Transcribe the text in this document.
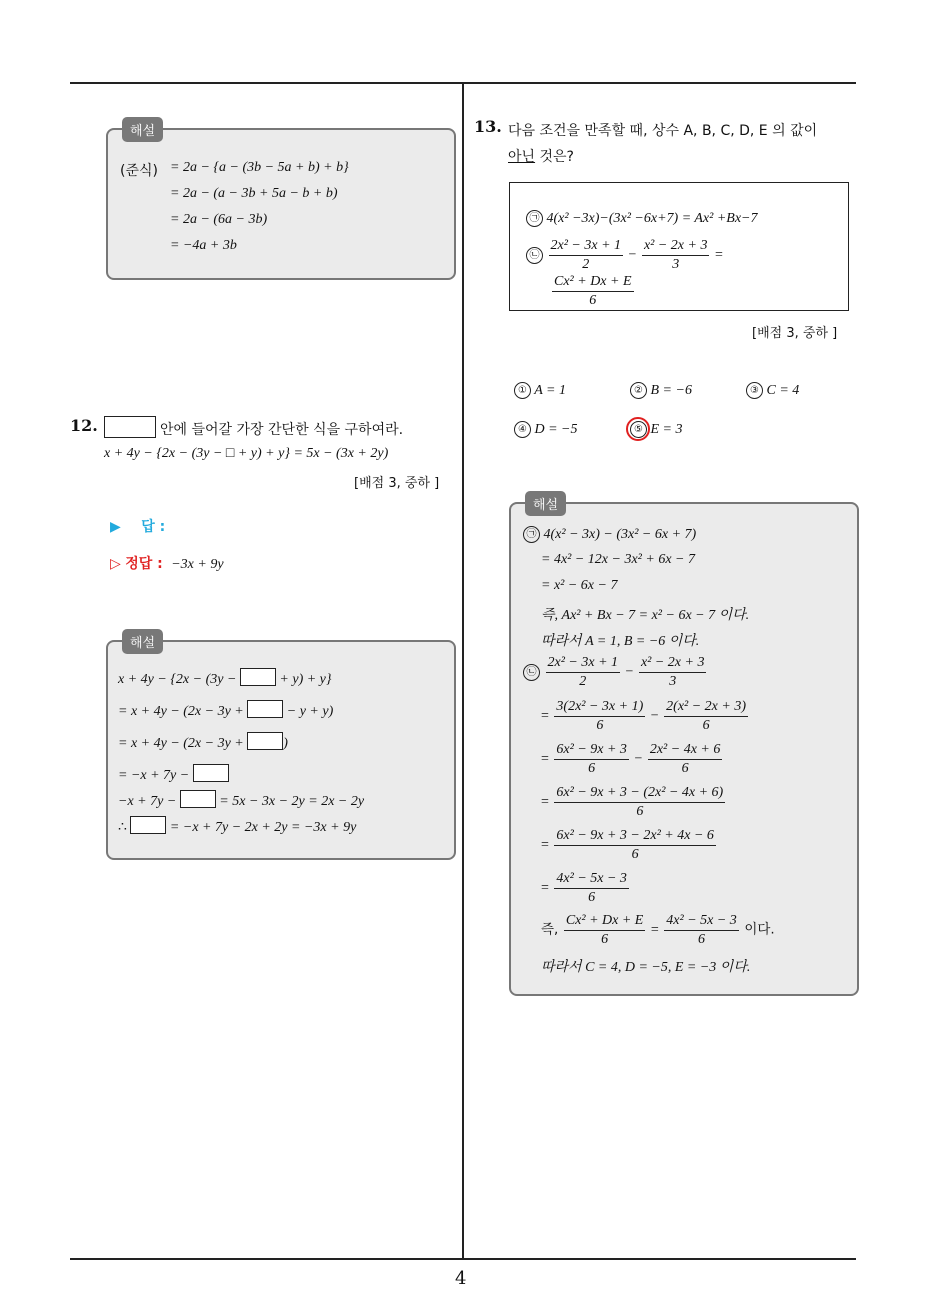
4
해설
(준식) = 2a − {a − (3b − 5a + b) + b}
= 2a − (a − 3b + 5a − b + b)
= 2a − (6a − 3b)
= −4a + 3b
12.	안에 들어갈 가장 간단한 식을 구하여라.
x + 4y − {2x − (3y − □ + y) + y} = 5x − (3x + 2y)
[배점 3, 중하 ]
▶ 답 :
▷ 정답 : −3x + 9y
해설
x + 4y − {2x − (3y −	+ y) + y}
= x + 4y − (2x − 3y +	− y + y)
= x + 4y − (2x − 3y +	)
= −x + 7y −
−x + 7y −	= 5x − 3x − 2y = 2x − 2y
∴	= −x + 7y − 2x + 2y = −3x + 9y
13. 다음 조건을 만족할 때, 상수 A, B, C, D, E 의 값이
아닌 것은?
㉠ 4(x² −3x)−(3x² −6x+7) = Ax² +Bx−7
㉡ $\frac{\text{2x² − 3x + 1}}{2} - \frac{\text{x² − 2x + 3}}{3}$ =
$\frac{\text{Cx² + Dx + E}}{6}$
[배점 3, 중하 ]
① A = 1	② B = −6	③ C = 4
④ D = −5	⑤ E = 3
해설
㉠ 4(x² − 3x) − (3x² − 6x + 7)
= 4x² − 12x − 3x² + 6x − 7
= x² − 6x − 7
즉, Ax² + Bx − 7 = x² − 6x − 7 이다.
따라서 A = 1, B = −6 이다.
㉡ $\frac{\text{2x² − 3x + 1}}{2} - \frac{\text{x² − 2x + 3}}{3}$
= $\frac{\text{3(2x² − 3x + 1)}}{6} - \frac{\text{2(x² − 2x + 3)}}{6}$
= $\frac{\text{6x² − 9x + 3}}{6} - \frac{\text{2x² − 4x + 6}}{6}$
= $\frac{\text{6x² − 9x + 3 − (2x² − 4x + 6)}}{6}$
= $\frac{\text{6x² − 9x + 3 − 2x² + 4x − 6}}{6}$
= $\frac{\text{4x² − 5x − 3}}{6}$
즉, $\frac{\text{Cx² + Dx + E}}{6} = \frac{\text{4x² − 5x − 3}}{6}$ 이다.
따라서 C = 4, D = −5, E = −3 이다.
